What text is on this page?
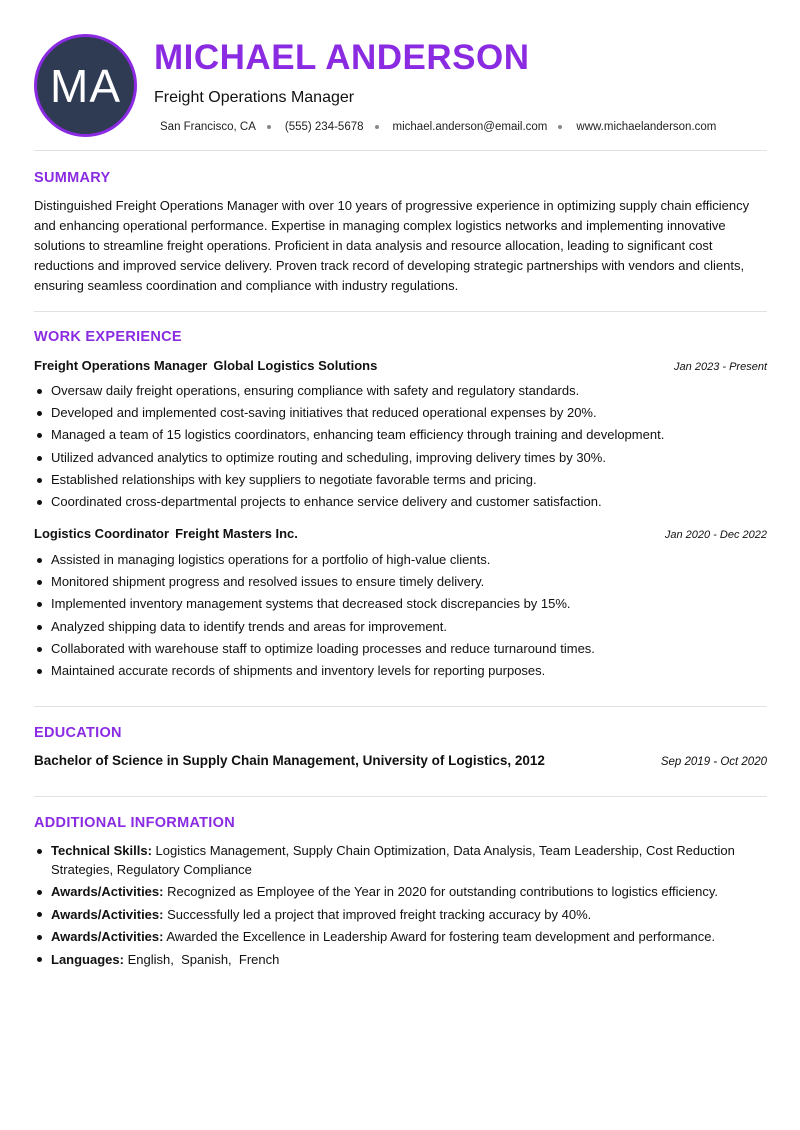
MA
MICHAEL ANDERSON
Freight Operations Manager
San Francisco, CA	(555) 234-5678	michael.anderson@email.com	www.michaelanderson.com
SUMMARY
Distinguished Freight Operations Manager with over 10 years of progressive experience in optimizing supply chain efficiency and enhancing operational performance. Expertise in managing complex logistics networks and implementing innovative solutions to streamline freight operations. Proficient in data analysis and resource allocation, leading to significant cost reductions and improved service delivery. Proven track record of developing strategic partnerships with vendors and clients, ensuring seamless coordination and compliance with industry regulations.
WORK EXPERIENCE
Freight Operations Manager Global Logistics Solutions	Jan 2023 - Present
Oversaw daily freight operations, ensuring compliance with safety and regulatory standards.
Developed and implemented cost-saving initiatives that reduced operational expenses by 20%.
Managed a team of 15 logistics coordinators, enhancing team efficiency through training and development.
Utilized advanced analytics to optimize routing and scheduling, improving delivery times by 30%.
Established relationships with key suppliers to negotiate favorable terms and pricing.
Coordinated cross-departmental projects to enhance service delivery and customer satisfaction.
Logistics Coordinator Freight Masters Inc.	Jan 2020 - Dec 2022
Assisted in managing logistics operations for a portfolio of high-value clients.
Monitored shipment progress and resolved issues to ensure timely delivery.
Implemented inventory management systems that decreased stock discrepancies by 15%.
Analyzed shipping data to identify trends and areas for improvement.
Collaborated with warehouse staff to optimize loading processes and reduce turnaround times.
Maintained accurate records of shipments and inventory levels for reporting purposes.
EDUCATION
Bachelor of Science in Supply Chain Management, University of Logistics, 2012	Sep 2019 - Oct 2020
ADDITIONAL INFORMATION
Technical Skills: Logistics Management, Supply Chain Optimization, Data Analysis, Team Leadership, Cost Reduction Strategies, Regulatory Compliance
Awards/Activities: Recognized as Employee of the Year in 2020 for outstanding contributions to logistics efficiency.
Awards/Activities: Successfully led a project that improved freight tracking accuracy by 40%.
Awards/Activities: Awarded the Excellence in Leadership Award for fostering team development and performance.
Languages: English,  Spanish,  French
